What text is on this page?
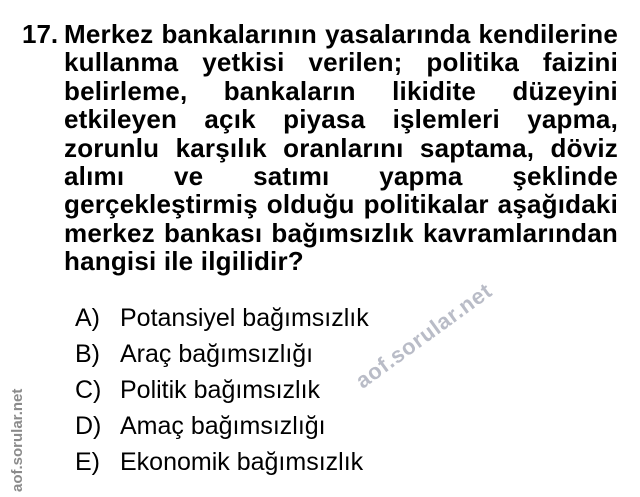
17. Merkez bankalarının yasalarında kendilerine
kullanma yetkisi verilen; politika faizini
belirleme, bankaların likidite düzeyini
etkileyen açık piyasa işlemleri yapma,
zorunlu karşılık oranlarını saptama, döviz
alımı ve satımı yapma şeklinde
gerçekleştirmiş olduğu politikalar aşağıdaki
merkez bankası bağımsızlık kavramlarından
hangisi ile ilgilidir?
A) Potansiyel bağımsızlık
B) Araç bağımsızlığı
C) Politik bağımsızlık
D) Amaç bağımsızlığı
E) Ekonomik bağımsızlık
aof.sorular.net
aof.sorular.net
